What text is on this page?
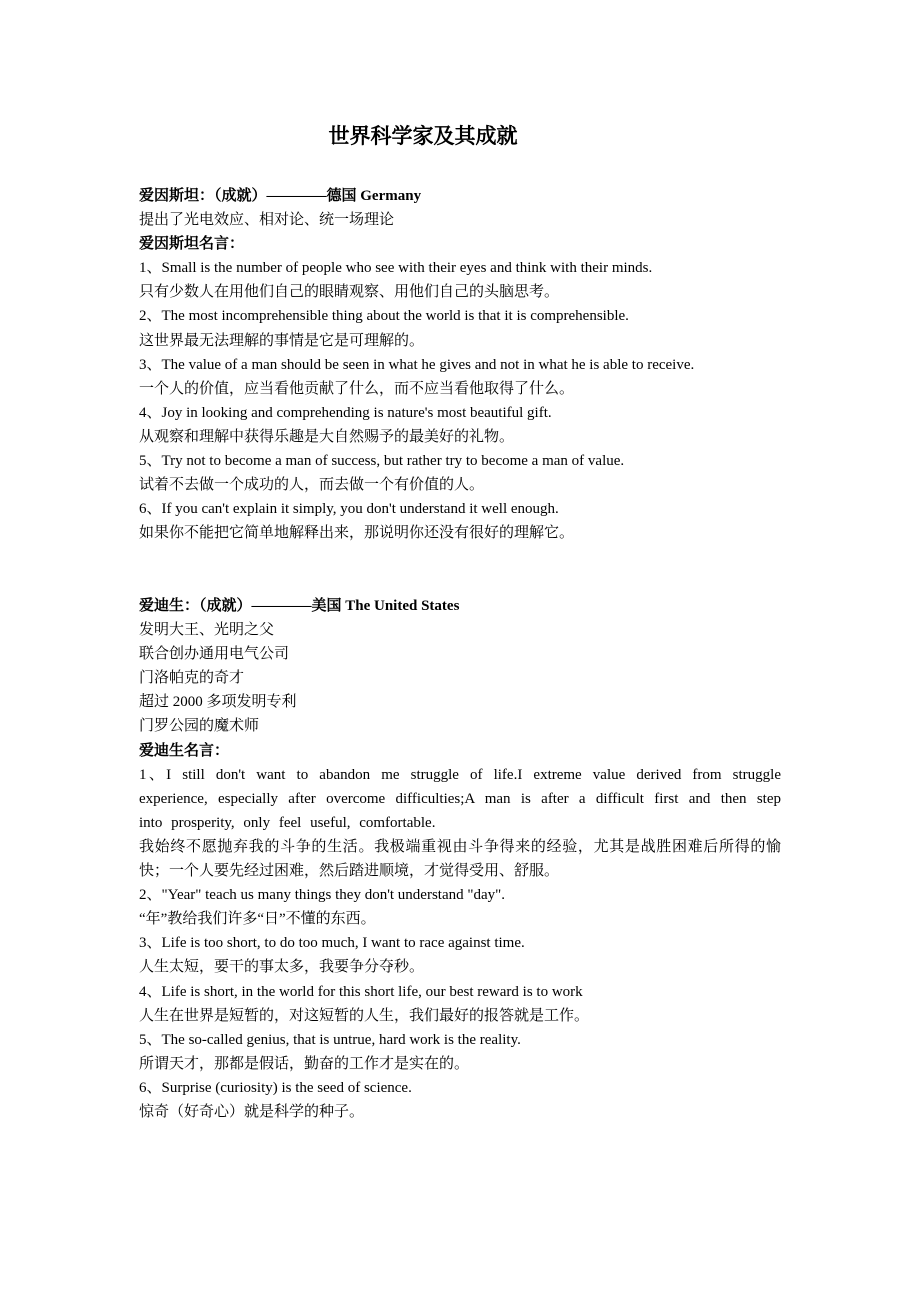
世界科学家及其成就

爱因斯坦：（成就）————德国 Germany

提出了光电效应、相对论、统一场理论

爱因斯坦名言：

1、Small is the number of people who see with their eyes and think with their minds.

只有少数人在用他们自己的眼睛观察、用他们自己的头脑思考。

2、The most incomprehensible thing about the world is that it is comprehensible.

这世界最无法理解的事情是它是可理解的。

3、The value of a man should be seen in what he gives and not in what he is able to receive.

一个人的价值，应当看他贡献了什么，而不应当看他取得了什么。

4、Joy in looking and comprehending is nature's most beautiful gift.

从观察和理解中获得乐趣是大自然赐予的最美好的礼物。

5、Try not to become a man of success, but rather try to become a man of value.

试着不去做一个成功的人，而去做一个有价值的人。

6、If you can't explain it simply, you don't understand it well enough.

如果你不能把它简单地解释出来，那说明你还没有很好的理解它。

爱迪生：（成就）————美国 The United States

发明大王、光明之父

联合创办通用电气公司

门洛帕克的奇才

超过 2000 多项发明专利

门罗公园的魔术师

爱迪生名言：

1、I still don't want to abandon me struggle of life.I extreme value derived from struggle experience, especially after overcome difficulties;A man is after a difficult first and then step into prosperity, only feel useful, comfortable.

我始终不愿抛弃我的斗争的生活。我极端重视由斗争得来的经验，尤其是战胜困难后所得的愉快；一个人要先经过困难，然后踏进顺境，才觉得受用、舒服。

2、"Year" teach us many things they don't understand "day".

“年”教给我们许多“日”不懂的东西。

3、Life is too short, to do too much, I want to race against time.

人生太短，要干的事太多，我要争分夺秒。

4、Life is short, in the world for this short life, our best reward is to work

人生在世界是短暂的，对这短暂的人生，我们最好的报答就是工作。

5、The so-called genius, that is untrue, hard work is the reality.

所谓天才，那都是假话，勤奋的工作才是实在的。

6、Surprise (curiosity) is the seed of science.

惊奇（好奇心）就是科学的种子。
